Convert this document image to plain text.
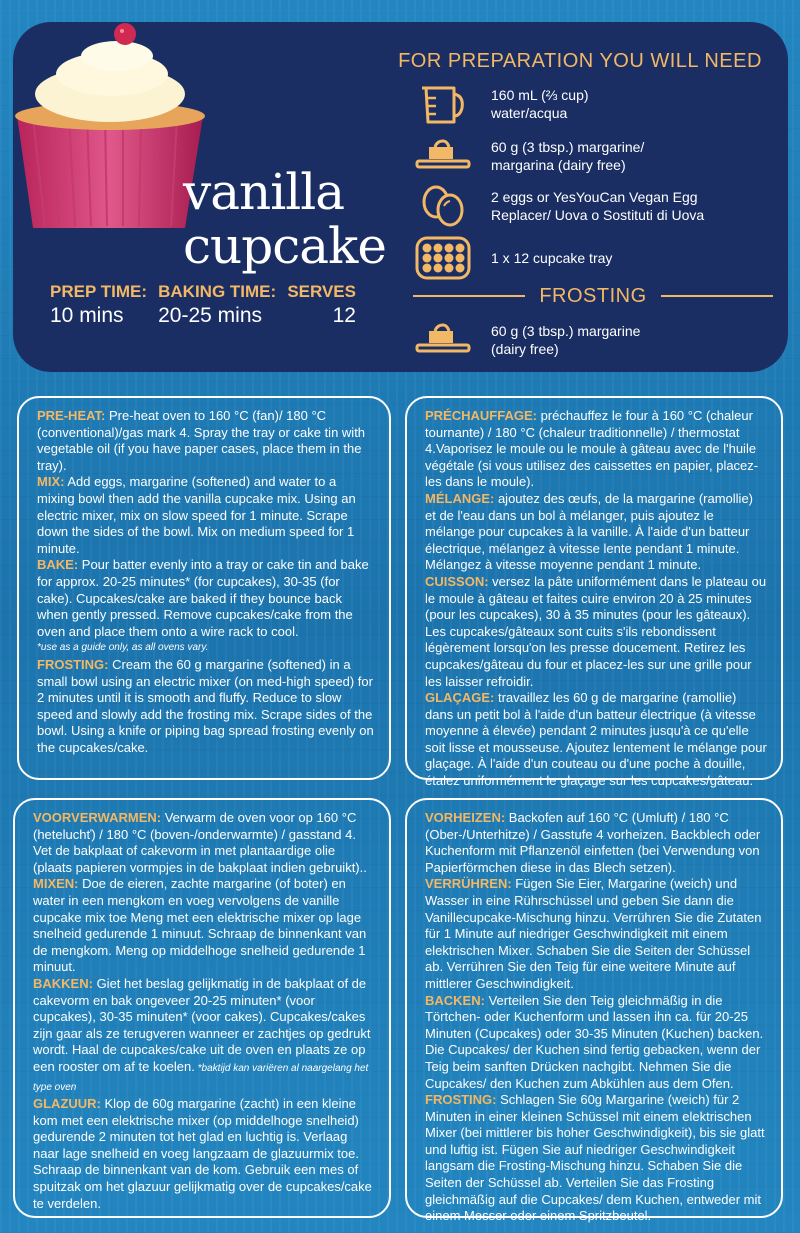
vanilla
cupcake
PREP TIME:
10 mins
BAKING TIME:
20-25 mins
SERVES
12
FOR PREPARATION YOU WILL NEED
160 mL (⅔ cup)
water/acqua
60 g (3 tbsp.) margarine/
margarina (dairy free)
2 eggs or YesYouCan Vegan Egg
Replacer/ Uova o Sostituti di Uova
1 x 12 cupcake tray
FROSTING
60 g (3 tbsp.) margarine
(dairy free)

PRE-HEAT: Pre-heat oven to 160 °C (fan)/ 180 °C (conventional)/gas mark 4. Spray the tray or cake tin with vegetable oil (if you have paper cases, place them in the tray).

MIX: Add eggs, margarine (softened) and water to a mixing bowl then add the vanilla cupcake mix. Using an electric mixer, mix on slow speed for 1 minute. Scrape down the sides of the bowl. Mix on medium speed for 1 minute.

BAKE: Pour batter evenly into a tray or cake tin and bake for approx. 20-25 minutes* (for cupcakes), 30-35 (for cake). Cupcakes/cake are baked if they bounce back when gently pressed. Remove cupcakes/cake from the oven and place them onto a wire rack to cool.

*use as a guide only, as all ovens vary.

FROSTING: Cream the 60 g margarine (softened) in a small bowl using an electric mixer (on med-high speed) for 2 minutes until it is smooth and fluffy. Reduce to slow speed and slowly add the frosting mix. Scrape sides of the bowl. Using a knife or piping bag spread frosting evenly on the cupcakes/cake.

PRÉCHAUFFAGE: préchauffez le four à 160 °C (chaleur tournante) / 180 °C (chaleur traditionnelle) / thermostat 4.Vaporisez le moule ou le moule à gâteau avec de l'huile végétale (si vous utilisez des caissettes en papier, placez-les dans le moule).

MÉLANGE: ajoutez des œufs, de la margarine (ramollie) et de l'eau dans un bol à mélanger, puis ajoutez le mélange pour cupcakes à la vanille. À l'aide d'un batteur électrique, mélangez à vitesse lente pendant 1 minute. Mélangez à vitesse moyenne pendant 1 minute.

CUISSON: versez la pâte uniformément dans le plateau ou le moule à gâteau et faites cuire environ 20 à 25 minutes (pour les cupcakes), 30 à 35 minutes (pour les gâteaux). Les cupcakes/gâteaux sont cuits s'ils rebondissent légèrement lorsqu'on les presse doucement. Retirez les cupcakes/gâteau du four et placez-les sur une grille pour les laisser refroidir.

GLAÇAGE: travaillez les 60 g de margarine (ramollie) dans un petit bol à l'aide d'un batteur électrique (à vitesse moyenne à élevée) pendant 2 minutes jusqu'à ce qu'elle soit lisse et mousseuse. Ajoutez lentement le mélange pour glaçage. À l'aide d'un couteau ou d'une poche à douille, étalez uniformément le glaçage sur les cupcakes/gâteau.

VOORVERWARMEN: Verwarm de oven voor op 160 °C (heteluchť) / 180 °C (boven-/onderwarmte) / gasstand 4. Vet de bakplaat of cakevorm in met plantaardige olie (plaats papieren vormpjes in de bakplaat indien gebruikt)..

MIXEN: Doe de eieren, zachte margarine (of boter) en water in een mengkom en voeg vervolgens de vanille cupcake mix toe Meng met een elektrische mixer op lage snelheid gedurende 1 minuut. Schraap de binnenkant van de mengkom. Meng op middelhoge snelheid gedurende 1 minuut.

BAKKEN: Giet het beslag gelijkmatig in de bakplaat of de cakevorm en bak ongeveer 20-25 minuten* (voor cupcakes), 30-35 minuten* (voor cakes). Cupcakes/cakes zijn gaar als ze terugveren wanneer er zachtjes op gedrukt wordt. Haal de cupcakes/cake uit de oven en plaats ze op een rooster om af te koelen. *baktijd kan variëren al naargelang het type oven

GLAZUUR: Klop de 60g margarine (zacht) in een kleine kom met een elektrische mixer (op middelhoge snelheid) gedurende 2 minuten tot het glad en luchtig is. Verlaag naar lage snelheid en voeg langzaam de glazuurmix toe. Schraap de binnenkant van de kom. Gebruik een mes of spuitzak om het glazuur gelijkmatig over de cupcakes/cake te verdelen.

VORHEIZEN: Backofen auf 160 °C (Umluft) / 180 °C (Ober-/Unterhitze) / Gasstufe 4 vorheizen. Backblech oder Kuchenform mit Pflanzenöl einfetten (bei Verwendung von Papierförmchen diese in das Blech setzen).

VERRÜHREN: Fügen Sie Eier, Margarine (weich) und Wasser in eine Rührschüssel und geben Sie dann die Vanillecupcake-Mischung hinzu. Verrühren Sie die Zutaten für 1 Minute auf niedriger Geschwindigkeit mit einem elektrischen Mixer. Schaben Sie die Seiten der Schüssel ab. Verrühren Sie den Teig für eine weitere Minute auf mittlerer Geschwindigkeit.

BACKEN: Verteilen Sie den Teig gleichmäßig in die Törtchen- oder Kuchenform und lassen ihn ca. für 20-25 Minuten (Cupcakes) oder 30-35 Minuten (Kuchen) backen. Die Cupcakes/ der Kuchen sind fertig gebacken, wenn der Teig beim sanften Drücken nachgibt. Nehmen Sie die Cupcakes/ den Kuchen zum Abkühlen aus dem Ofen.

FROSTING: Schlagen Sie 60g Margarine (weich) für 2 Minuten in einer kleinen Schüssel mit einem elektrischen Mixer (bei mittlerer bis hoher Geschwindigkeit), bis sie glatt und luftig ist. Fügen Sie auf niedriger Geschwindigkeit langsam die Frosting-Mischung hinzu. Schaben Sie die Seiten der Schüssel ab. Verteilen Sie das Frosting gleichmäßig auf die Cupcakes/ dem Kuchen, entweder mit einem Messer oder einem Spritzbeutel.
